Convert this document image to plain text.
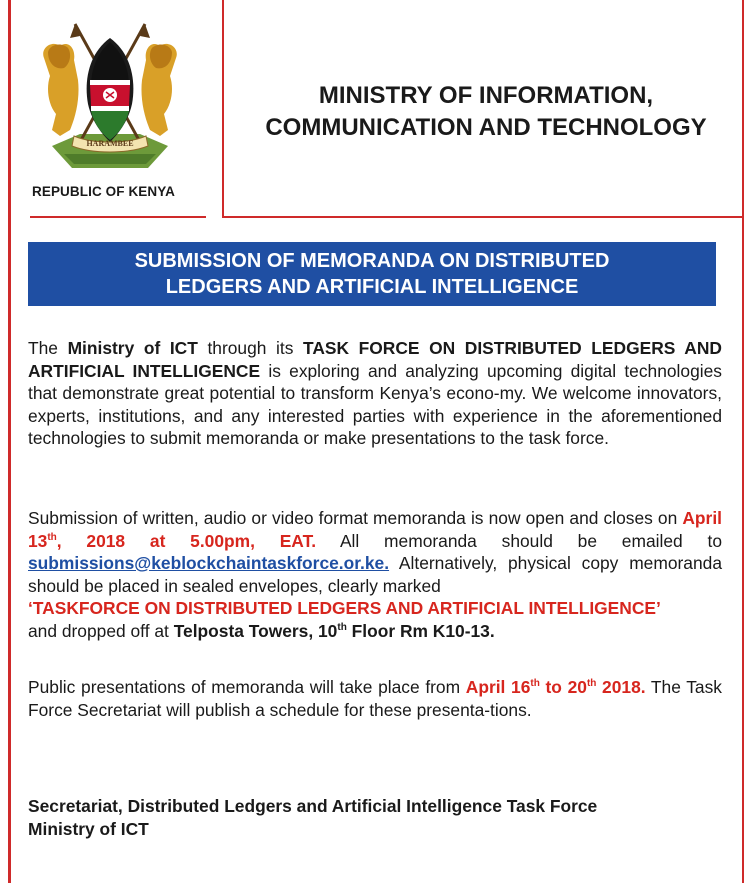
HARAMBEE
REPUBLIC OF KENYA
MINISTRY OF INFORMATION,
COMMUNICATION AND TECHNOLOGY
SUBMISSION OF MEMORANDA ON DISTRIBUTED
LEDGERS AND ARTIFICIAL INTELLIGENCE
The Ministry of ICT through its TASK FORCE ON DISTRIBUTED LEDGERS AND ARTIFICIAL INTELLIGENCE is exploring and analyzing upcoming digital technologies that demonstrate great potential to transform Kenya’s econo-my. We welcome innovators, experts, institutions, and any interested parties with experience in the aforementioned technologies to submit memoranda or make presentations to the task force.
Submission of written, audio or video format memoranda is now open and closes on April 13th, 2018 at 5.00pm, EAT. All memoranda should be emailed to submissions@keblockchaintaskforce.or.ke. Alternatively, physical copy memoranda should be placed in sealed envelopes, clearly marked
‘TASKFORCE ON DISTRIBUTED LEDGERS AND ARTIFICIAL INTELLIGENCE’
and dropped off at Telposta Towers, 10th Floor Rm K10-13.
Public presentations of memoranda will take place from April 16th to 20th 2018. The Task Force Secretariat will publish a schedule for these presenta-tions.
Secretariat, Distributed Ledgers and Artificial Intelligence Task Force
Ministry of ICT
